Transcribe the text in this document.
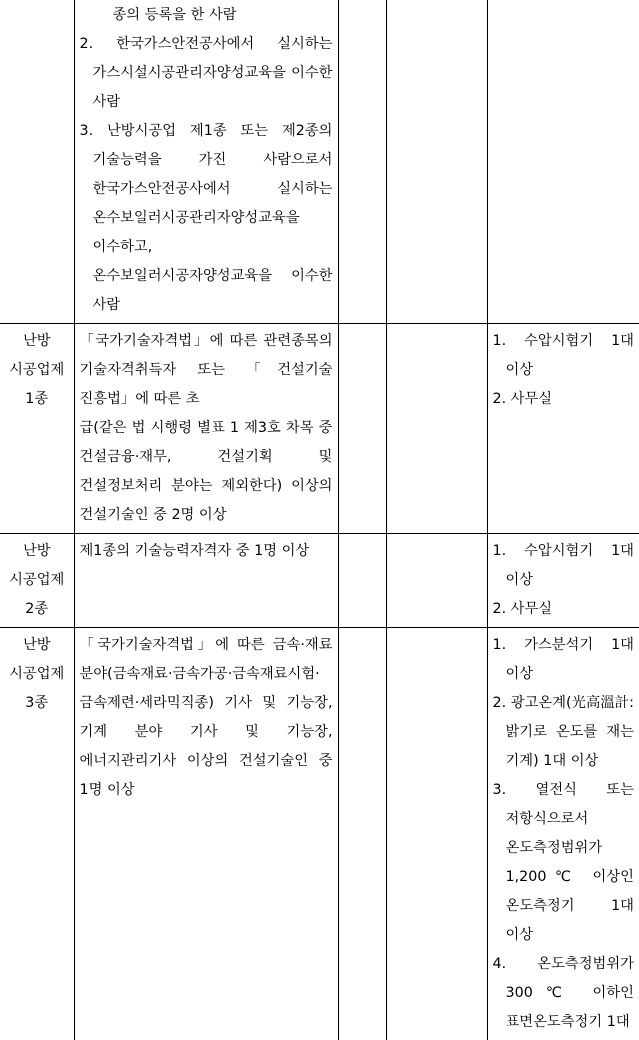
	종의 등록을 한 사람
2. 한국가스안전공사에서 실시하는 가스시설시공관리자양성교육을 이수한 사람
3. 난방시공업 제1종 또는 제2종의 기술능력을 가진 사람으로서 한국가스안전공사에서 실시하는 온수보일러시공관리자양성교육을 이수하고, 온수보일러시공자양성교육을 이수한 사람			

난방
시공업제
1종	「국가기술자격법」에 따른 관련종목의 기술자격취득자 또는 「건설기술 진흥법」에 따른 초
급(같은 법 시행령 별표 1 제3호 차목 중 건설금융·재무, 건설기획 및 건설정보처리 분야는 제외한다) 이상의 건설기술인 중 2명 이상			1. 수압시험기 1대 이상
2. 사무실

난방
시공업제
2종	제1종의 기술능력자격자 중 1명 이상			1. 수압시험기 1대 이상
2. 사무실

난방
시공업제
3종	「국가기술자격법」에 따른 금속·재료 분야(금속재료·금속가공·금속재료시험·금속제련·세라믹직종) 기사 및 기능장, 기계 분야 기사 및 기능장, 에너지관리기사 이상의 건설기술인 중 1명 이상			1. 가스분석기 1대 이상
2. 광고온계(光高溫計: 밝기로 온도를 재는 기계) 1대 이상
3. 열전식 또는 저항식으로서 온도측정범위가 1,200℃ 이상인 온도측정기 1대 이상
4. 온도측정범위가 300℃ 이하인 표면온도측정기 1대
